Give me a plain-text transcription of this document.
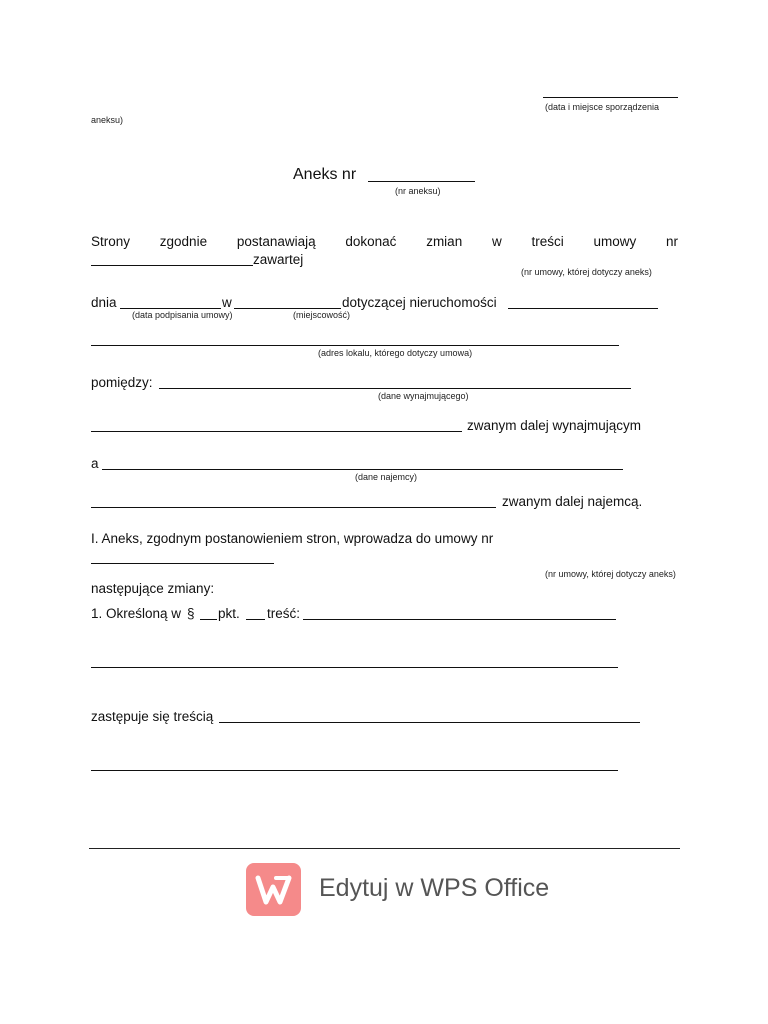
(data i miejsce sporządzenia
aneksu)
Aneks nr
(nr aneksu)
Strony zgodnie postanawiają dokonać zmian w treści umowy nr
zawartej
(nr umowy, której dotyczy aneks)
dnia	w	dotyczącej nieruchomości
(data podpisania umowy)	(miejscowość)
(adres lokalu, którego dotyczy umowa)
pomiędzy:
(dane wynajmującego)
zwanym dalej wynajmującym
a
(dane najemcy)
zwanym dalej najemcą.
I. Aneks, zgodnym postanowieniem stron, wprowadza do umowy nr
(nr umowy, której dotyczy aneks)
następujące zmiany:
1. Określoną w § pkt. treść:
zastępuje się treścią
Edytuj w WPS Office
